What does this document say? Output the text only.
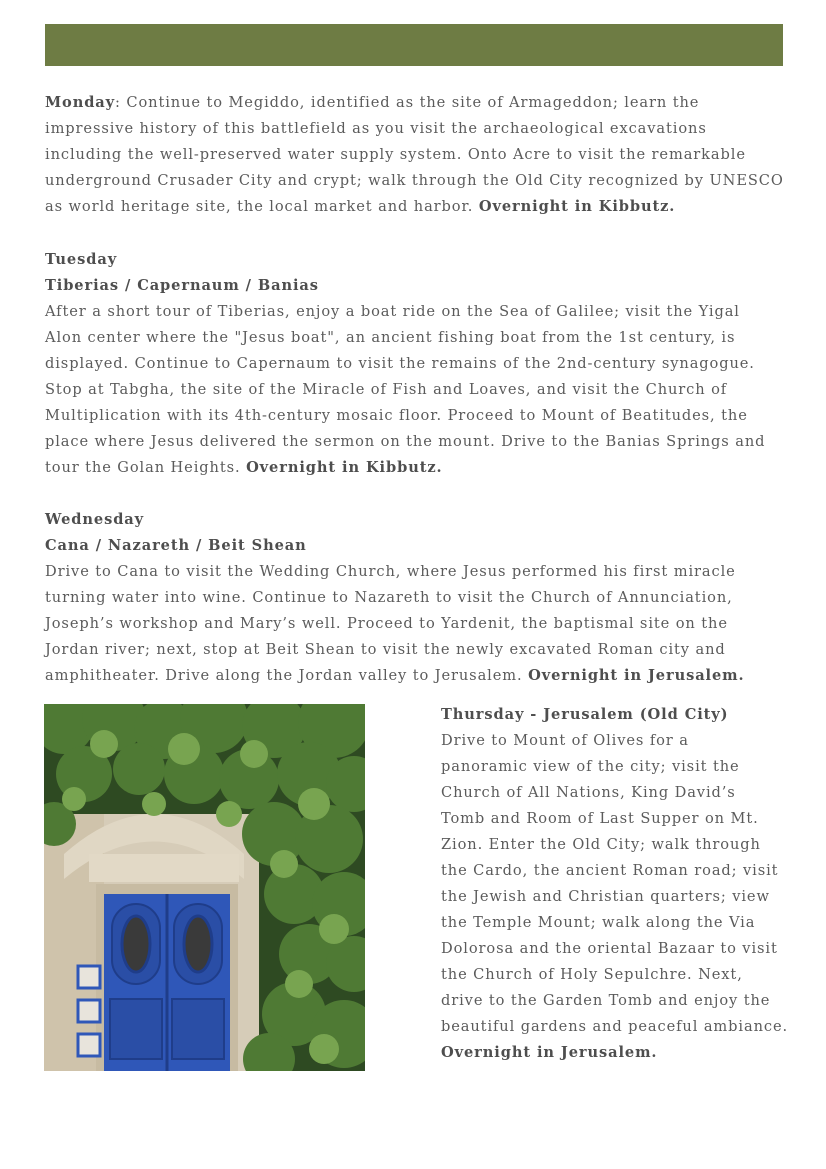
Monday: Continue to Megiddo, identified as the site of Armageddon; learn the
impressive history of this battlefield as you visit the archaeological excavations
including the well-preserved water supply system. Onto Acre to visit the remarkable
underground Crusader City and crypt; walk through the Old City recognized by UNESCO
as world heritage site, the local market and harbor. Overnight in Kibbutz.
Tuesday
Tiberias / Capernaum / Banias
After a short tour of Tiberias, enjoy a boat ride on the Sea of Galilee; visit the Yigal
Alon center where the "Jesus boat", an ancient fishing boat from the 1st century, is
displayed. Continue to Capernaum to visit the remains of the 2nd-century synagogue.
Stop at Tabgha, the site of the Miracle of Fish and Loaves, and visit the Church of
Multiplication with its 4th-century mosaic floor. Proceed to Mount of Beatitudes, the
place where Jesus delivered the sermon on the mount. Drive to the Banias Springs and
tour the Golan Heights. Overnight in Kibbutz.
Wednesday
Cana / Nazareth / Beit Shean
Drive to Cana to visit the Wedding Church, where Jesus performed his first miracle
turning water into wine. Continue to Nazareth to visit the Church of Annunciation,
Joseph’s workshop and Mary’s well. Proceed to Yardenit, the baptismal site on the
Jordan river; next, stop at Beit Shean to visit the newly excavated Roman city and
amphitheater. Drive along the Jordan valley to Jerusalem. Overnight in Jerusalem.
Thursday - Jerusalem (Old City)
Drive to Mount of Olives for a
panoramic view of the city; visit the
Church of All Nations, King David’s
Tomb and Room of Last Supper on Mt.
Zion. Enter the Old City; walk through
the Cardo, the ancient Roman road; visit
the Jewish and Christian quarters; view
the Temple Mount; walk along the Via
Dolorosa and the oriental Bazaar to visit
the Church of Holy Sepulchre. Next,
drive to the Garden Tomb and enjoy the
beautiful gardens and peaceful ambiance.
Overnight in Jerusalem.
